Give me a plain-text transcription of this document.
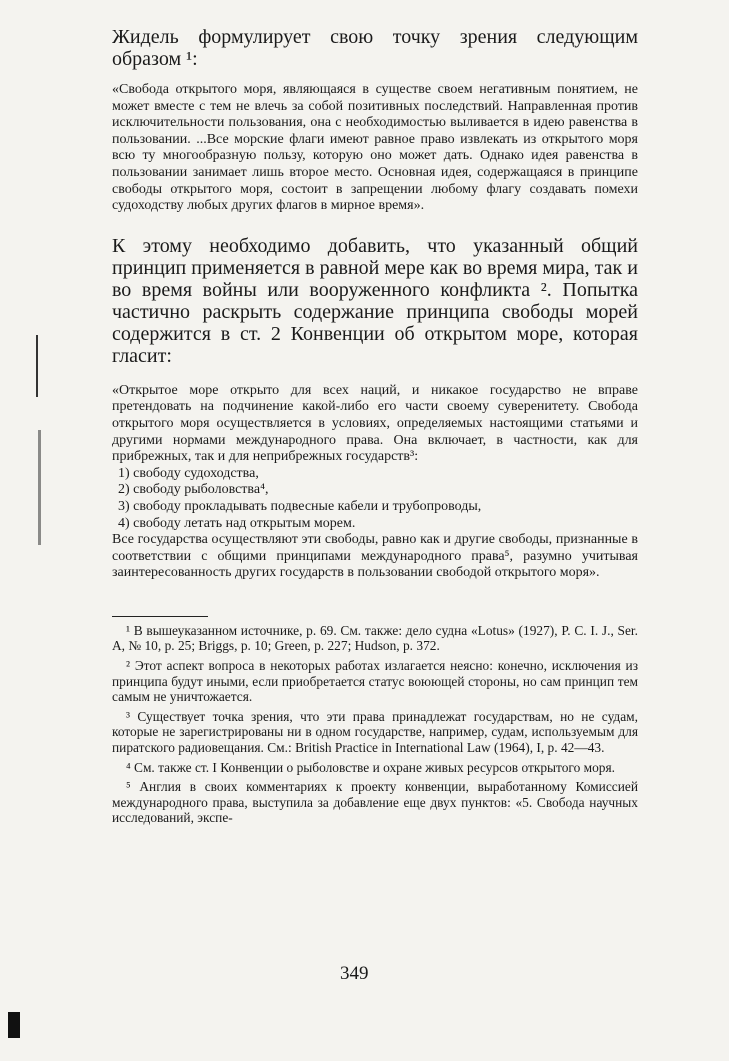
Жидель формулирует свою точку зрения следующим образом ¹:

«Свобода открытого моря, являющаяся в существе своем негативным понятием, не может вместе с тем не влечь за собой позитивных последствий. Направленная против исключительности пользования, она с необходимостью выливается в идею равенства в пользовании. ...Все морские флаги имеют равное право извлекать из открытого моря всю ту многообразную пользу, которую оно может дать. Однако идея равенства в пользовании занимает лишь второе место. Основная идея, содержащаяся в принципе свободы открытого моря, состоит в запрещении любому флагу создавать помехи судоходству любых других флагов в мирное время».

К этому необходимо добавить, что указанный общий принцип применяется в равной мере как во время мира, так и во время войны или вооруженного конфликта ². Попытка частично раскрыть содержание принципа свободы морей содержится в ст. 2 Конвенции об открытом море, которая гласит:

«Открытое море открыто для всех наций, и никакое государство не вправе претендовать на подчинение какой-либо его части своему суверенитету. Свобода открытого моря осуществляется в условиях, определяемых настоящими статьями и другими нормами международного права. Она включает, в частности, как для прибрежных, так и для неприбрежных государств³:

1) свободу судоходства,
2) свободу рыболовства⁴,
3) свободу прокладывать подвесные кабели и трубопроводы,
4) свободу летать над открытым морем.

Все государства осуществляют эти свободы, равно как и другие свободы, признанные в соответствии с общими принципами международного права⁵, разумно учитывая заинтересованность других государств в пользовании свободой открытого моря».

¹ В вышеуказанном источнике, p. 69. См. также: дело судна «Lotus» (1927), P. C. I. J., Ser. A, № 10, p. 25; Briggs, p. 10; Green, p. 227; Hudson, p. 372.

² Этот аспект вопроса в некоторых работах излагается неясно: конечно, исключения из принципа будут иными, если приобретается статус воюющей стороны, но сам принцип тем самым не уничтожается.

³ Существует точка зрения, что эти права принадлежат государствам, но не судам, которые не зарегистрированы ни в одном государстве, например, судам, используемым для пиратского радиовещания. См.: British Practice in International Law (1964), I, p. 42—43.

⁴ См. также ст. I Конвенции о рыболовстве и охране живых ресурсов открытого моря.

⁵ Англия в своих комментариях к проекту конвенции, выработанному Комиссией международного права, выступила за добавление еще двух пунктов: «5. Свобода научных исследований, экспе-

349
